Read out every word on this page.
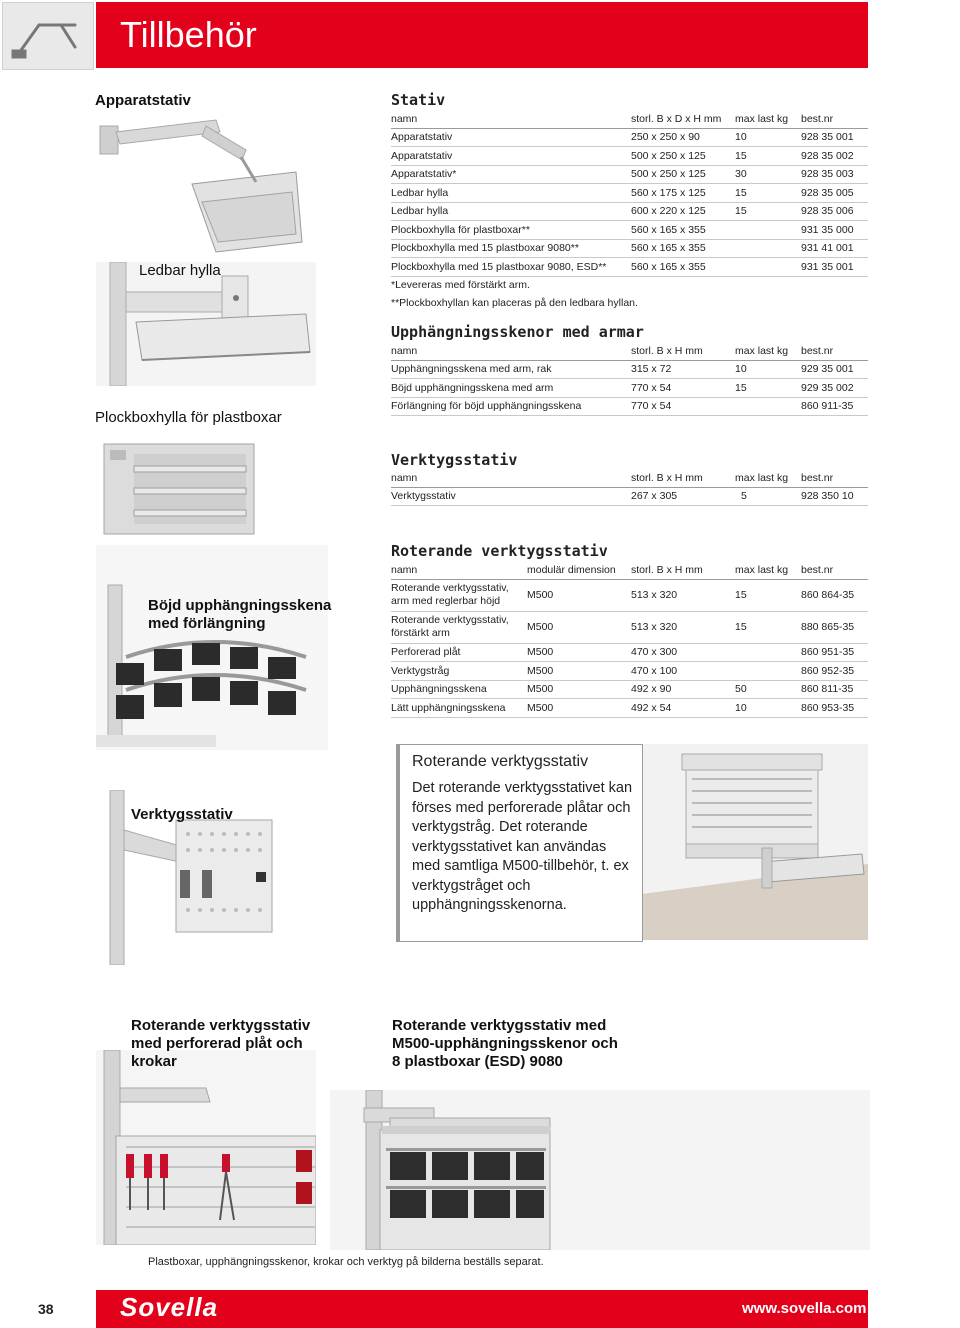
Tillbehör
Apparatstativ
Ledbar hylla
Plockboxhylla för plastboxar
Böjd upphängningsskena
med förlängning
Verktygsstativ
Roterande verktygsstativ
med perforerad plåt och
krokar
Roterande verktygsstativ med
M500-upphängningsskenor och
8 plastboxar (ESD) 9080
Roterande verktygsstativ
Det roterande verktygsstativet kan förses med perforerade plåtar och verktygstråg. Det roterande verktygsstativet kan användas med samtliga M500-tillbehör, t. ex verktygstråget och upphängningsskenorna.
Stativ
namn	storl. B x D x H mm	max last kg	best.nr
Apparatstativ	250 x 250 x 90	10	928 35 001
Apparatstativ	500 x 250 x 125	15	928 35 002
Apparatstativ*	500 x 250 x 125	30	928 35 003
Ledbar hylla	560 x 175 x 125	15	928 35 005
Ledbar hylla	600 x 220 x 125	15	928 35 006
Plockboxhylla för plastboxar**	560 x 165 x 355		931 35 000
Plockboxhylla med 15 plastboxar 9080**	560 x 165 x 355		931 41 001
Plockboxhylla med 15 plastboxar 9080, ESD**	560 x 165 x 355		931 35 001
*Levereras med förstärkt arm.			
**Plockboxhyllan kan placeras på den ledbara hyllan.			
Upphängningsskenor med armar
namn	storl. B x H mm	max last kg	best.nr
Upphängningsskena med arm, rak	315 x 72	10	929 35 001
Böjd upphängningsskena med arm	770 x 54	15	929 35 002
Förlängning för böjd upphängningsskena	770 x 54		860 911-35
Verktygsstativ
namn	storl. B x H mm	max last kg	best.nr
Verktygsstativ	267 x 305	5	928 350 10
Roterande verktygsstativ
namn	modulär dimension	storl. B x H mm	max last kg	best.nr
Roterande verktygsstativ,
arm med reglerbar höjd	M500	513 x 320	15	860 864-35
Roterande verktygsstativ,
förstärkt arm	M500	513 x 320	15	880 865-35
Perforerad plåt	M500	470 x 300		860 951-35
Verktygstråg	M500	470 x 100		860 952-35
Upphängningsskena	M500	492 x 90	50	860 811-35
Lätt upphängningsskena	M500	492 x 54	10	860 953-35
Plastboxar, upphängningsskenor, krokar och verktyg på bilderna beställs separat.
38	Sovella	www.sovella.com
